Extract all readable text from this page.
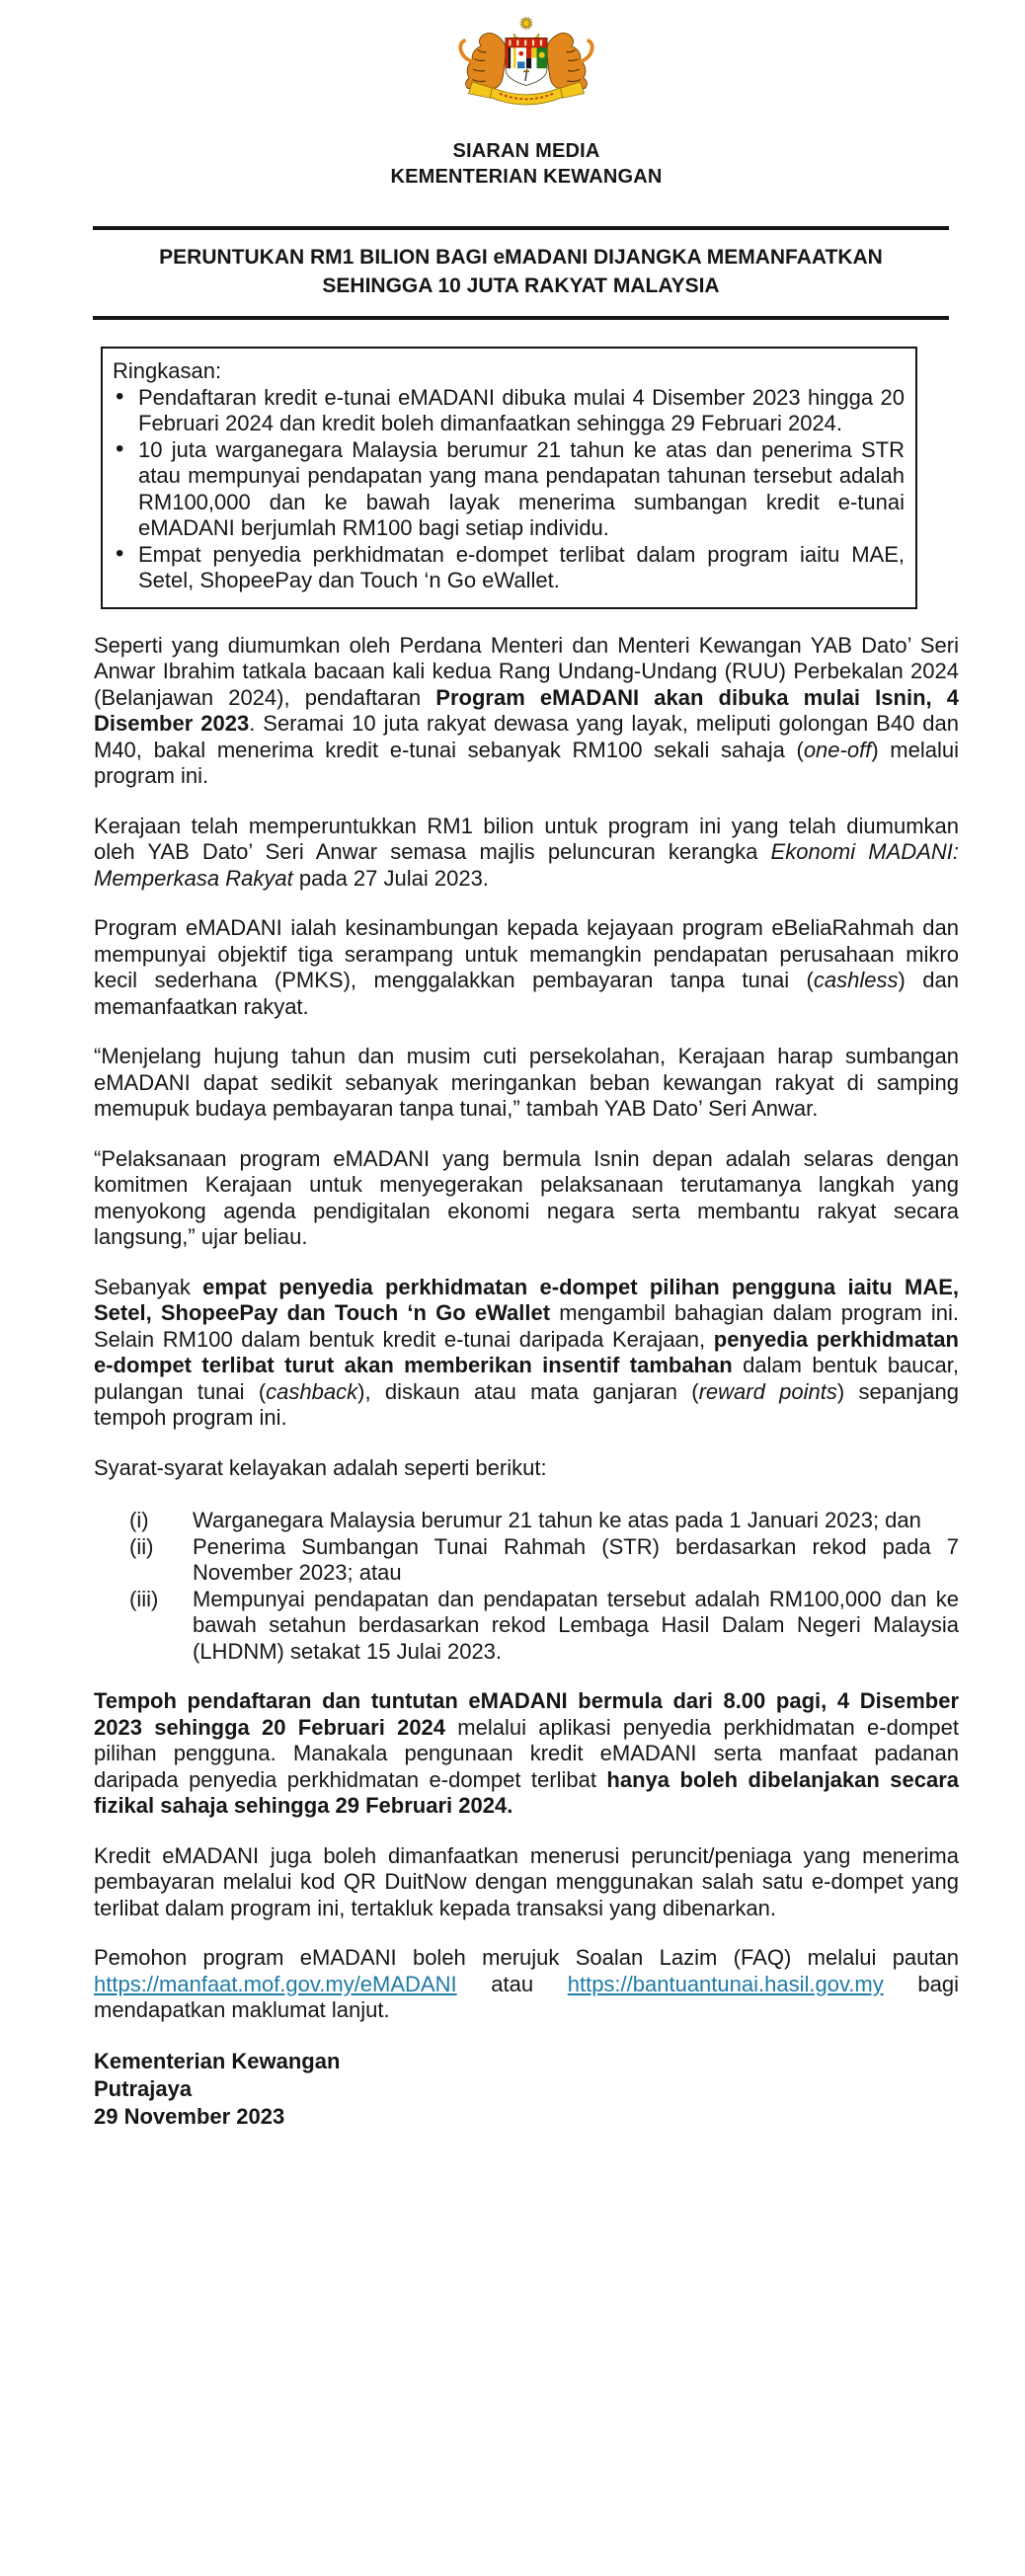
SIARAN MEDIA
KEMENTERIAN KEWANGAN
PERUNTUKAN RM1 BILION BAGI eMADANI DIJANGKA MEMANFAATKAN SEHINGGA 10 JUTA RAKYAT MALAYSIA
Ringkasan:
• Pendaftaran kredit e-tunai eMADANI dibuka mulai 4 Disember 2023 hingga 20 Februari 2024 dan kredit boleh dimanfaatkan sehingga 29 Februari 2024.
• 10 juta warganegara Malaysia berumur 21 tahun ke atas dan penerima STR atau mempunyai pendapatan yang mana pendapatan tahunan tersebut adalah RM100,000 dan ke bawah layak menerima sumbangan kredit e-tunai eMADANI berjumlah RM100 bagi setiap individu.
• Empat penyedia perkhidmatan e-dompet terlibat dalam program iaitu MAE, Setel, ShopeePay dan Touch ‘n Go eWallet.

Seperti yang diumumkan oleh Perdana Menteri dan Menteri Kewangan YAB Dato’ Seri Anwar Ibrahim tatkala bacaan kali kedua Rang Undang-Undang (RUU) Perbekalan 2024 (Belanjawan 2024), pendaftaran Program eMADANI akan dibuka mulai Isnin, 4 Disember 2023. Seramai 10 juta rakyat dewasa yang layak, meliputi golongan B40 dan M40, bakal menerima kredit e-tunai sebanyak RM100 sekali sahaja (one-off) melalui program ini.

Kerajaan telah memperuntukkan RM1 bilion untuk program ini yang telah diumumkan oleh YAB Dato’ Seri Anwar semasa majlis peluncuran kerangka Ekonomi MADANI: Memperkasa Rakyat pada 27 Julai 2023.

Program eMADANI ialah kesinambungan kepada kejayaan program eBeliaRahmah dan mempunyai objektif tiga serampang untuk memangkin pendapatan perusahaan mikro kecil sederhana (PMKS), menggalakkan pembayaran tanpa tunai (cashless) dan memanfaatkan rakyat.

“Menjelang hujung tahun dan musim cuti persekolahan, Kerajaan harap sumbangan eMADANI dapat sedikit sebanyak meringankan beban kewangan rakyat di samping memupuk budaya pembayaran tanpa tunai,” tambah YAB Dato’ Seri Anwar.

“Pelaksanaan program eMADANI yang bermula Isnin depan adalah selaras dengan komitmen Kerajaan untuk menyegerakan pelaksanaan terutamanya langkah yang menyokong agenda pendigitalan ekonomi negara serta membantu rakyat secara langsung,” ujar beliau.

Sebanyak empat penyedia perkhidmatan e-dompet pilihan pengguna iaitu MAE, Setel, ShopeePay dan Touch ‘n Go eWallet mengambil bahagian dalam program ini. Selain RM100 dalam bentuk kredit e-tunai daripada Kerajaan, penyedia perkhidmatan e-dompet terlibat turut akan memberikan insentif tambahan dalam bentuk baucar, pulangan tunai (cashback), diskaun atau mata ganjaran (reward points) sepanjang tempoh program ini.

Syarat-syarat kelayakan adalah seperti berikut:

(i)	Warganegara Malaysia berumur 21 tahun ke atas pada 1 Januari 2023; dan
(ii)	Penerima Sumbangan Tunai Rahmah (STR) berdasarkan rekod pada 7 November 2023; atau
(iii)	Mempunyai pendapatan dan pendapatan tersebut adalah RM100,000 dan ke bawah setahun berdasarkan rekod Lembaga Hasil Dalam Negeri Malaysia (LHDNM) setakat 15 Julai 2023.

Tempoh pendaftaran dan tuntutan eMADANI bermula dari 8.00 pagi, 4 Disember 2023 sehingga 20 Februari 2024 melalui aplikasi penyedia perkhidmatan e-dompet pilihan pengguna. Manakala pengunaan kredit eMADANI serta manfaat padanan daripada penyedia perkhidmatan e-dompet terlibat hanya boleh dibelanjakan secara fizikal sahaja sehingga 29 Februari 2024.

Kredit eMADANI juga boleh dimanfaatkan menerusi peruncit/peniaga yang menerima pembayaran melalui kod QR DuitNow dengan menggunakan salah satu e-dompet yang terlibat dalam program ini, tertakluk kepada transaksi yang dibenarkan.

Pemohon program eMADANI boleh merujuk Soalan Lazim (FAQ) melalui pautan https://manfaat.mof.gov.my/eMADANI atau https://bantuantunai.hasil.gov.my bagi mendapatkan maklumat lanjut.

Kementerian Kewangan
Putrajaya
29 November 2023
